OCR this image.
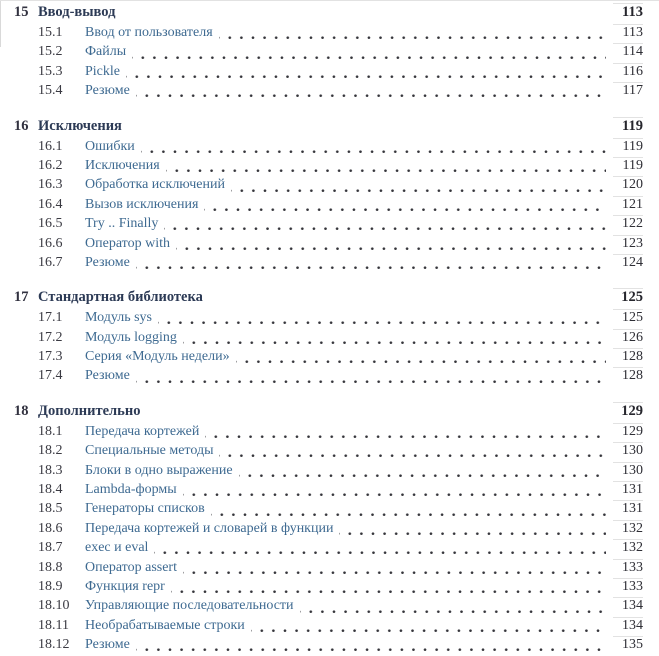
15 Ввод-вывод	113
15.1	Ввод от пользователя	113
15.2	Файлы	114
15.3	Pickle	116
15.4	Резюме	117
16 Исключения	119
16.1	Ошибки	119
16.2	Исключения	119
16.3	Обработка исключений	120
16.4	Вызов исключения	121
16.5	Try .. Finally	122
16.6	Оператор with	123
16.7	Резюме	124
17 Стандартная библиотека	125
17.1	Модуль sys	125
17.2	Модуль logging	126
17.3	Серия «Модуль недели»	128
17.4	Резюме	128
18 Дополнительно	129
18.1	Передача кортежей	129
18.2	Специальные методы	130
18.3	Блоки в одно выражение	130
18.4	Lambda-формы	131
18.5	Генераторы списков	131
18.6	Передача кортежей и словарей в функции	132
18.7	exec и eval	132
18.8	Оператор assert	133
18.9	Функция repr	133
18.10	Управляющие последовательности	134
18.11	Необрабатываемые строки	134
18.12	Резюме	135
